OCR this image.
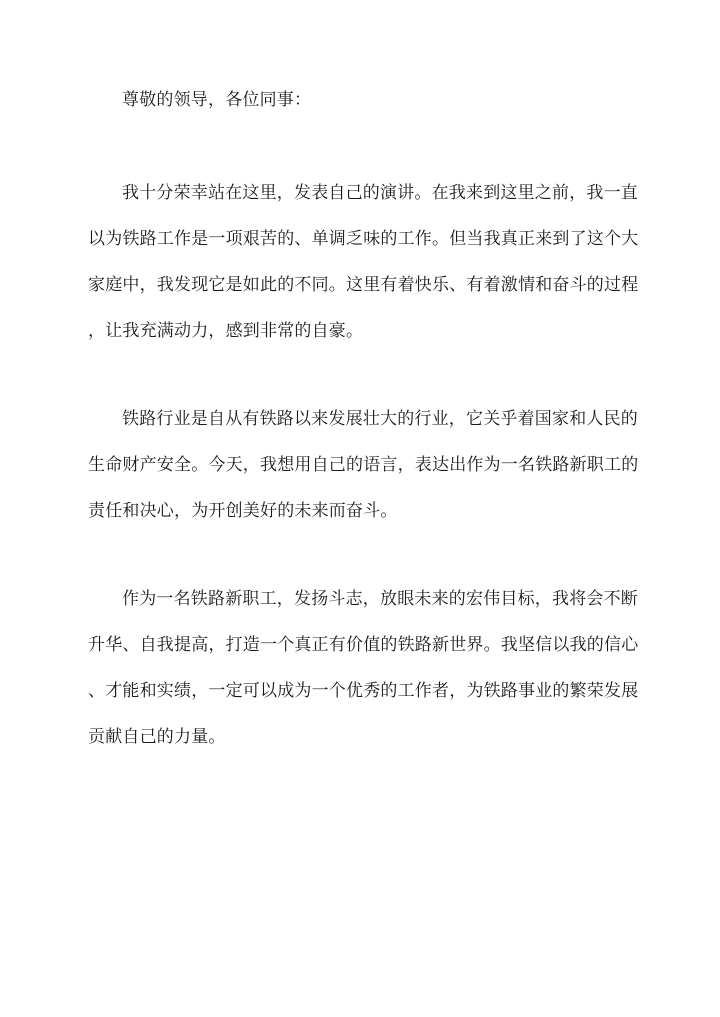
尊敬的领导，各位同事：
我十分荣幸站在这里，发表自己的演讲。在我来到这里之前，我一直
以为铁路工作是一项艰苦的、单调乏味的工作。但当我真正来到了这个大
家庭中，我发现它是如此的不同。这里有着快乐、有着激情和奋斗的过程
，让我充满动力，感到非常的自豪。
铁路行业是自从有铁路以来发展壮大的行业，它关乎着国家和人民的
生命财产安全。今天，我想用自己的语言，表达出作为一名铁路新职工的
责任和决心，为开创美好的未来而奋斗。
作为一名铁路新职工，发扬斗志，放眼未来的宏伟目标，我将会不断
升华、自我提高，打造一个真正有价值的铁路新世界。我坚信以我的信心
、才能和实绩，一定可以成为一个优秀的工作者，为铁路事业的繁荣发展
贡献自己的力量。
